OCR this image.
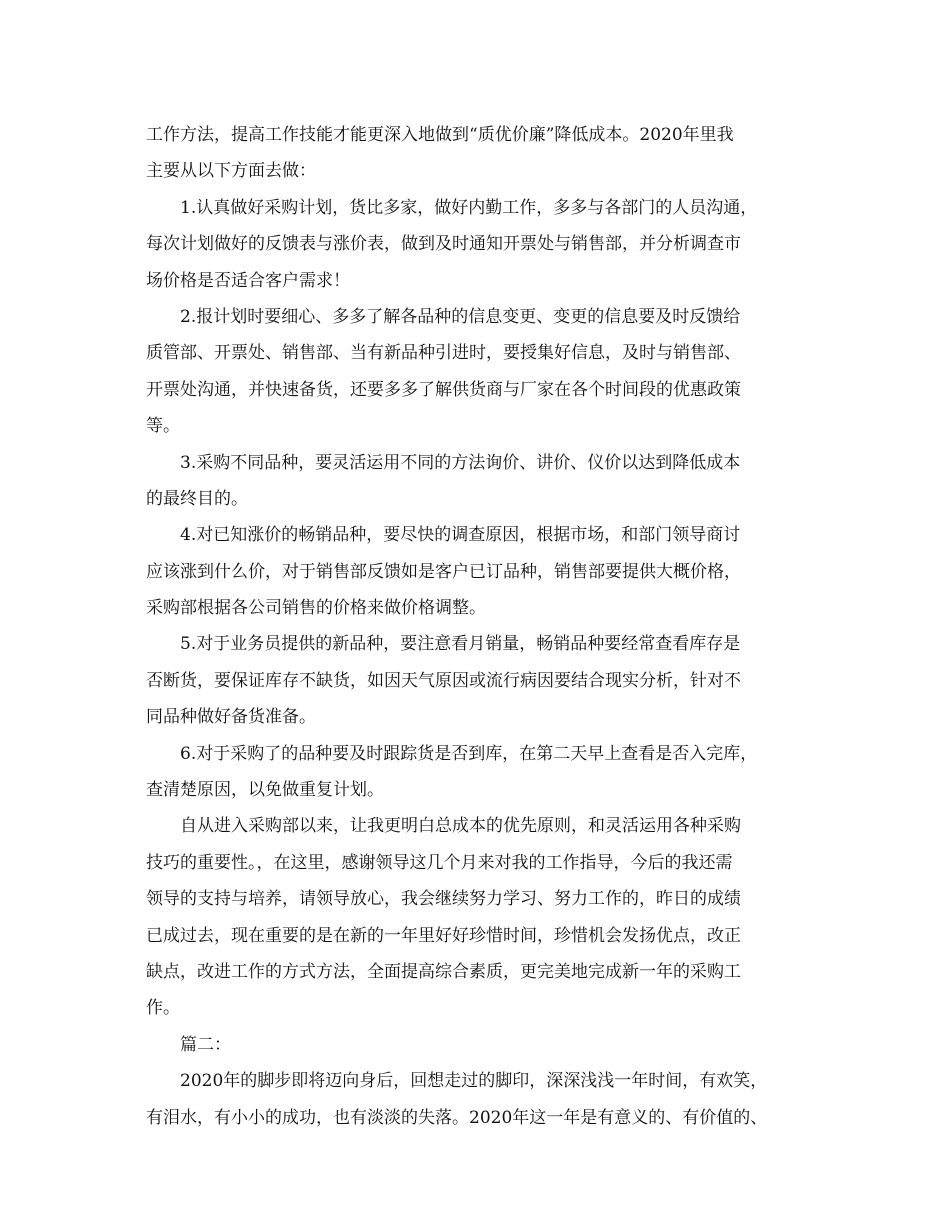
工作方法，提高工作技能才能更深入地做到“质优价廉”降低成本。2020年里我
主要从以下方面去做：
1.认真做好采购计划，货比多家，做好内勤工作，多多与各部门的人员沟通，
每次计划做好的反馈表与涨价表，做到及时通知开票处与销售部，并分析调查市
场价格是否适合客户需求！
2.报计划时要细心、多多了解各品种的信息变更、变更的信息要及时反馈给
质管部、开票处、销售部、当有新品种引进时，要授集好信息，及时与销售部、
开票处沟通，并快速备货，还要多多了解供货商与厂家在各个时间段的优惠政策
等。
3.采购不同品种，要灵活运用不同的方法询价、讲价、仪价以达到降低成本
的最终目的。
4.对已知涨价的畅销品种，要尽快的调查原因，根据市场，和部门领导商讨
应该涨到什么价，对于销售部反馈如是客户已订品种，销售部要提供大概价格，
采购部根据各公司销售的价格来做价格调整。
5.对于业务员提供的新品种，要注意看月销量，畅销品种要经常查看库存是
否断货，要保证库存不缺货，如因天气原因或流行病因要结合现实分析，针对不
同品种做好备货准备。
6.对于采购了的品种要及时跟踪货是否到库，在第二天早上查看是否入完库，
查清楚原因，以免做重复计划。
自从进入采购部以来，让我更明白总成本的优先原则，和灵活运用各种采购
技巧的重要性。，在这里，感谢领导这几个月来对我的工作指导，今后的我还需
领导的支持与培养，请领导放心，我会继续努力学习、努力工作的，昨日的成绩
已成过去，现在重要的是在新的一年里好好珍惜时间，珍惜机会发扬优点，改正
缺点，改进工作的方式方法，全面提高综合素质，更完美地完成新一年的采购工
作。
篇二：
2020年的脚步即将迈向身后，回想走过的脚印，深深浅浅一年时间，有欢笑，
有泪水，有小小的成功，也有淡淡的失落。2020年这一年是有意义的、有价值的、
